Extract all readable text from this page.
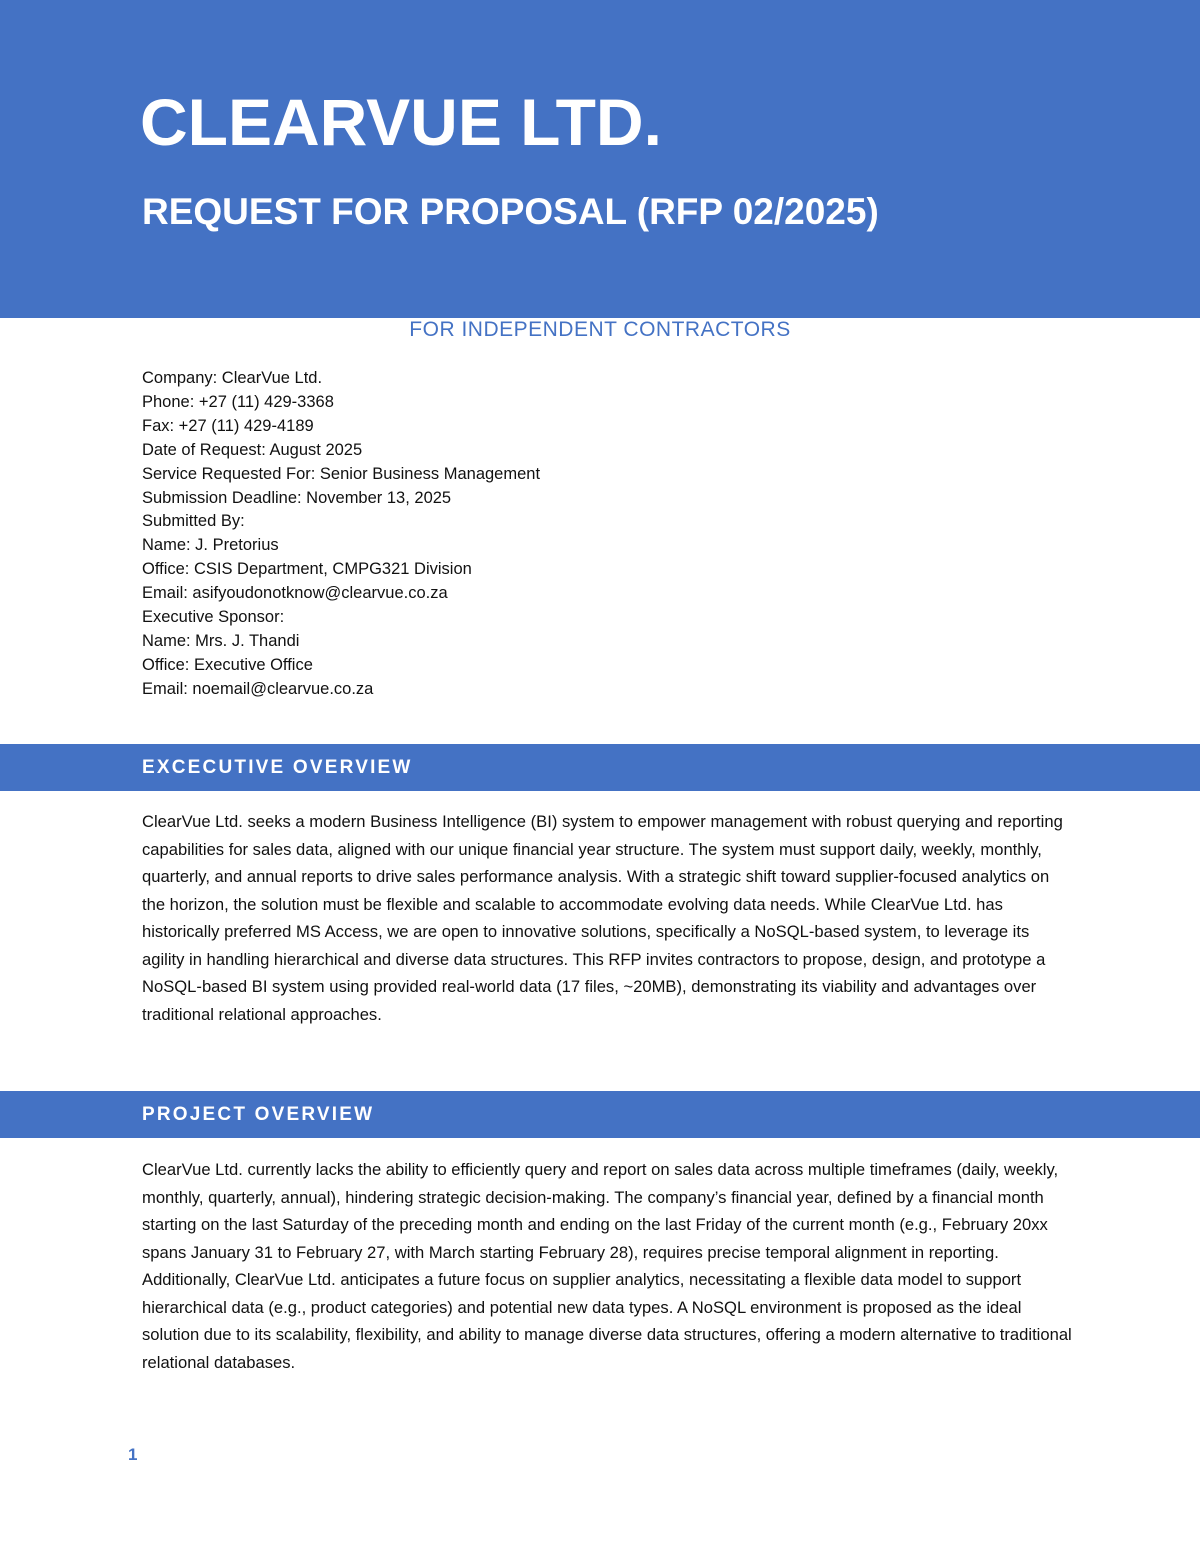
CLEARVUE LTD.
REQUEST FOR PROPOSAL (RFP 02/2025)
FOR INDEPENDENT CONTRACTORS
Company: ClearVue Ltd.
Phone: +27 (11) 429-3368
Fax: +27 (11) 429-4189
Date of Request: August 2025
Service Requested For: Senior Business Management
Submission Deadline: November 13, 2025
Submitted By:
Name: J. Pretorius
Office: CSIS Department, CMPG321 Division
Email: asifyoudonotknow@clearvue.co.za
Executive Sponsor:
Name: Mrs. J. Thandi
Office: Executive Office
Email: noemail@clearvue.co.za
EXCECUTIVE OVERVIEW
ClearVue Ltd. seeks a modern Business Intelligence (BI) system to empower management with robust querying and reporting capabilities for sales data, aligned with our unique financial year structure. The system must support daily, weekly, monthly, quarterly, and annual reports to drive sales performance analysis. With a strategic shift toward supplier-focused analytics on the horizon, the solution must be flexible and scalable to accommodate evolving data needs. While ClearVue Ltd. has historically preferred MS Access, we are open to innovative solutions, specifically a NoSQL-based system, to leverage its agility in handling hierarchical and diverse data structures. This RFP invites contractors to propose, design, and prototype a NoSQL-based BI system using provided real-world data (17 files, ~20MB), demonstrating its viability and advantages over traditional relational approaches.
PROJECT OVERVIEW
ClearVue Ltd. currently lacks the ability to efficiently query and report on sales data across multiple timeframes (daily, weekly, monthly, quarterly, annual), hindering strategic decision-making. The company’s financial year, defined by a financial month starting on the last Saturday of the preceding month and ending on the last Friday of the current month (e.g., February 20xx spans January 31 to February 27, with March starting February 28), requires precise temporal alignment in reporting. Additionally, ClearVue Ltd. anticipates a future focus on supplier analytics, necessitating a flexible data model to support hierarchical data (e.g., product categories) and potential new data types. A NoSQL environment is proposed as the ideal solution due to its scalability, flexibility, and ability to manage diverse data structures, offering a modern alternative to traditional relational databases.
1
